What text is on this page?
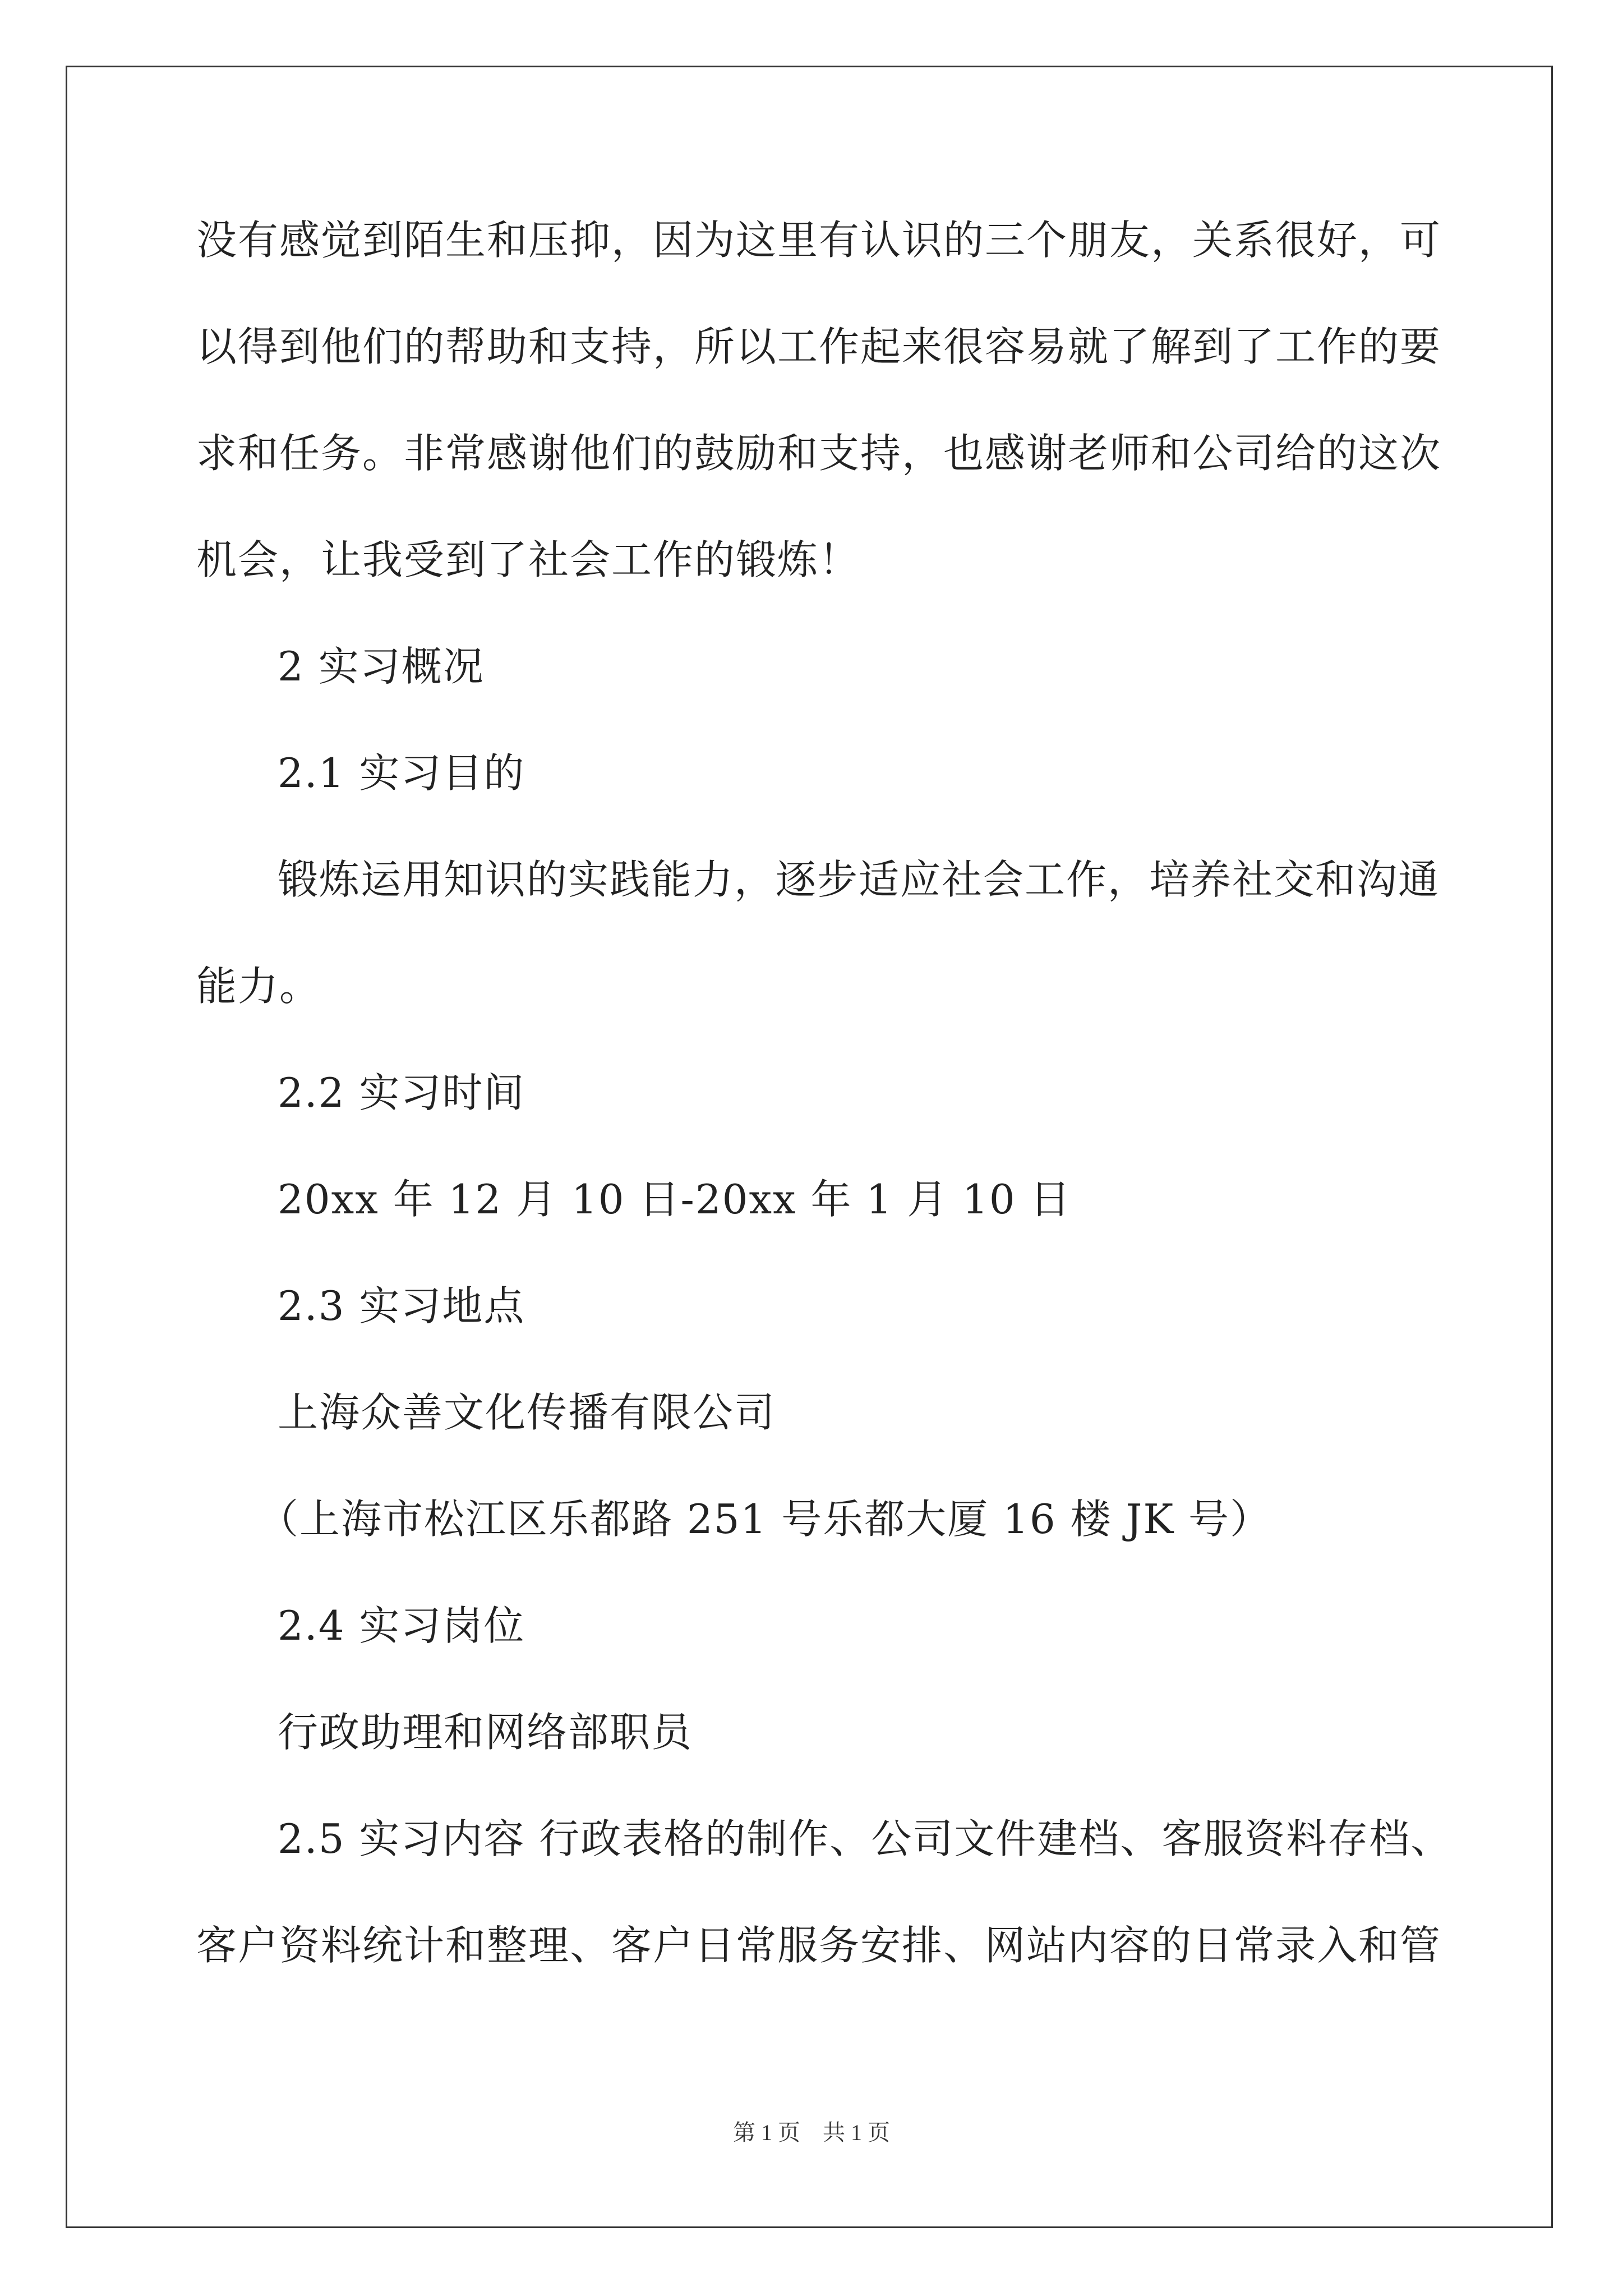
没有感觉到陌生和压抑，因为这里有认识的三个朋友，关系很好，可
以得到他们的帮助和支持，所以工作起来很容易就了解到了工作的要
求和任务。非常感谢他们的鼓励和支持，也感谢老师和公司给的这次
机会，让我受到了社会工作的锻炼！
2 实习概况
2.1 实习目的
锻炼运用知识的实践能力，逐步适应社会工作，培养社交和沟通
能力。
2.2 实习时间
20xx 年 12 月 10 日-20xx 年 1 月 10 日
2.3 实习地点
上海众善文化传播有限公司
（上海市松江区乐都路 251 号乐都大厦 16 楼 JK 号）
2.4 实习岗位
行政助理和网络部职员
2.5 实习内容 行政表格的制作、公司文件建档、客服资料存档、
客户资料统计和整理、客户日常服务安排、网站内容的日常录入和管
第 1 页　共 1 页
